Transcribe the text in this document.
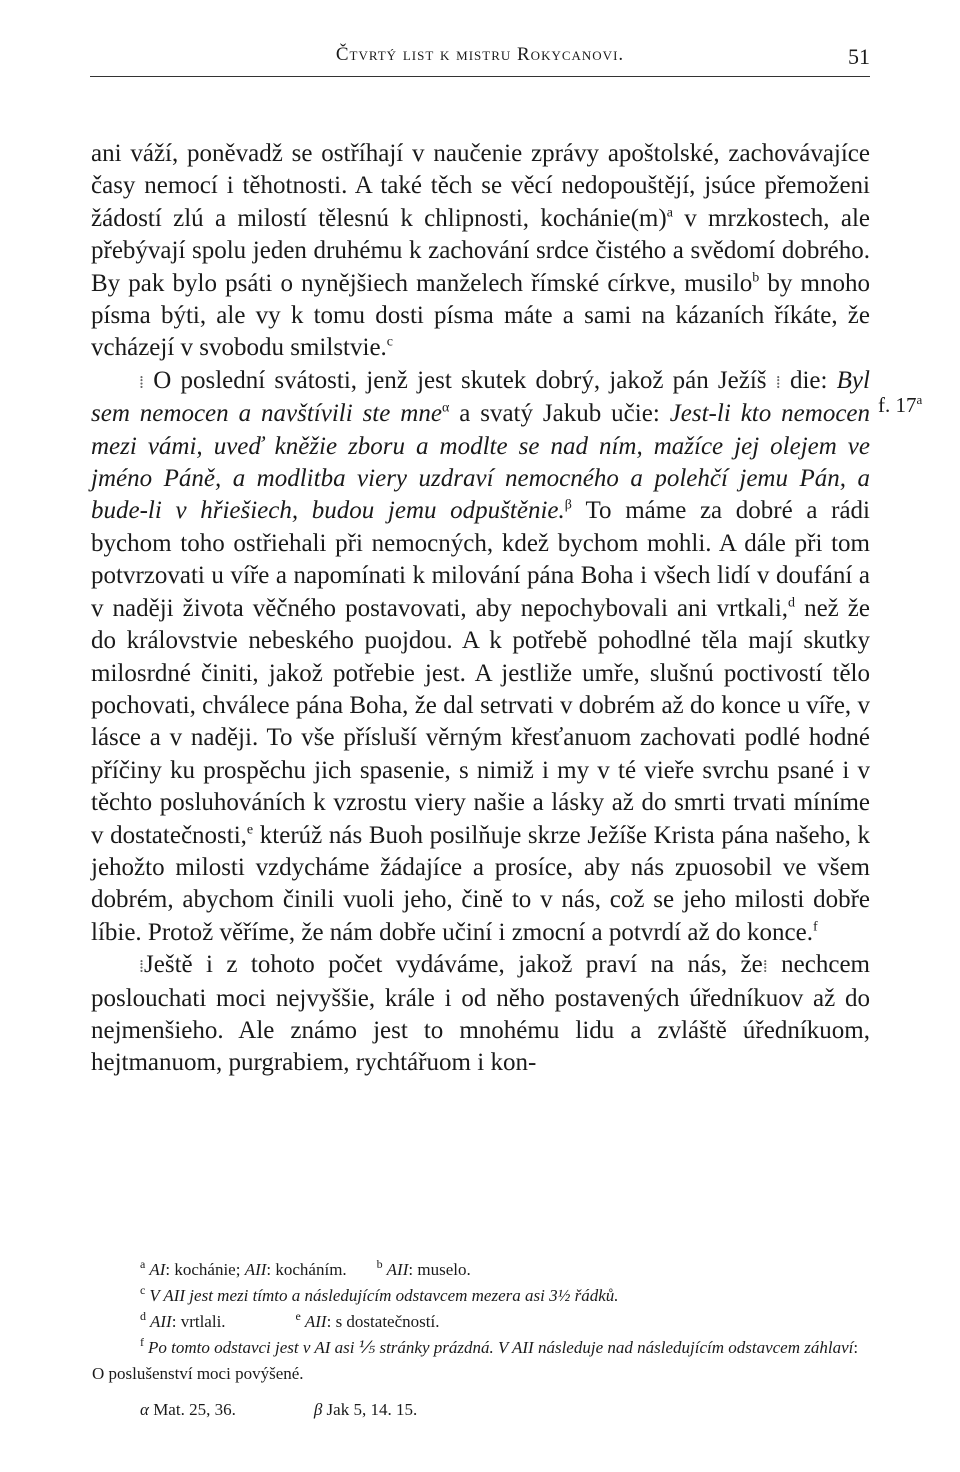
Čtvrtý list k mistru Rokycanovi.	51
f. 17$^a$

ani váží, poněvadž se ostříhají v naučenie zprávy apoštolské, zachovávajíce časy nemocí i těhotnosti. A také těch se věcí nedopouštějí, jsúce přemoženi žádostí zlú a milostí tělesnú k chlipnosti, $kochánie(m)^a$ v mrzkostech, ale přebývají spolu jeden druhému k zachování srdce čistého a svědomí dobrého. By pak bylo psáti o nynějšiech manželech římské církve, musilo$^b$ by mnoho písma býti, ale vy k tomu dosti písma máte a sami na kázaních říkáte, že vcházejí v svobodu smilstvie.$^c$

⁞ O poslední svátosti, jenž jest skutek dobrý, jakož pán Ježíš ⁞ die: Byl sem nemocen a navštívili ste mne$^\alpha$ a svatý Jakub učie: Jest-li kto nemocen mezi vámi, uveď kněžie zboru a modlte se nad ním, mažíce jej olejem ve jméno Páně, a modlitba viery uzdraví nemocného a polehčí jemu Pán, a bude-li v hřiešiech, budou jemu odpuštěnie.$^\beta$ To máme za dobré a rádi bychom toho ostřiehali při nemocných, kdež bychom mohli. A dále při tom potvrzovati u víře a napomínati k milování pána Boha i všech lidí v doufání a v naději života věčného postavovati, aby nepochybovali ani vrtkali,$^d$ než že do královstvie nebeského puojdou. A k potřebě pohodlné těla mají skutky milosrdné činiti, jakož potřebie jest. A jestliže umře, slušnú poctivostí tělo pochovati, chválece pána Boha, že dal setrvati v dobrém až do konce u víře, v lásce a v naději. To vše přísluší věrným křesťanuom zachovati podlé hodné příčiny ku prospěchu jich spasenie, s nimiž i my v té vieře svrchu psané i v těchto posluhováních k vzrostu viery našie a lásky až do smrti trvati míníme v dostatečnosti,$^e$ kterúž nás Buoh posilňuje skrze Ježíše Krista pána našeho, k jehožto milosti vzdycháme žádajíce a prosíce, aby nás zpuosobil ve všem dobrém, abychom činili vuoli jeho, čině to v nás, což se jeho milosti dobře líbie. Protož věříme, že nám dobře učiní i zmocní a potvrdí až do konce.$^f$

⁞Ještě i z tohoto počet vydáváme, jakož praví na nás, že⁞ nechcem poslouchati moci nejvyššie, krále i od něho postavených úředníkuov až do nejmenšieho. Ale známo jest to mnohému lidu a zvláště úředníkuom, hejtmanuom, purgrabiem, rychtářuom i kon-

$^a$ AI: kochánie; AII: kocháním.	$^b$ AII: muselo.
$^c$ V AII jest mezi tímto a následujícím odstavcem mezera asi 3½ řádků.
$^d$ AII: vrtlali.	$^e$ AII: s dostatečností.
$^f$ Po tomto odstavci jest v AI asi ⅕ stránky prázdná. V AII následuje nad následujícím odstavcem záhlaví: O poslušenství moci povýšené.
α Mat. 25, 36.	β Jak 5, 14. 15.
